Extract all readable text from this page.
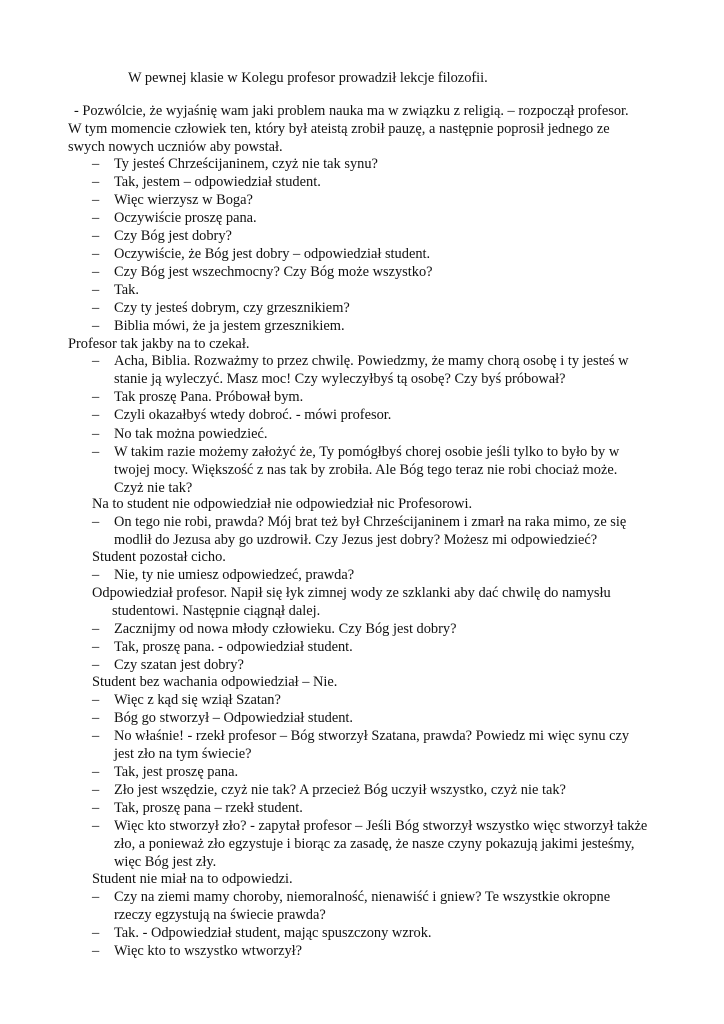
W pewnej klasie w Kolegu profesor prowadził lekcje filozofii.
- Pozwólcie, że wyjaśnię wam jaki problem nauka ma w związku z religią. – rozpoczął profesor.
W tym momencie człowiek ten, który był ateistą zrobił pauzę, a następnie poprosił jednego ze
swych nowych uczniów aby powstał.
– Ty jesteś Chrześcijaninem, czyż nie tak synu?
– Tak, jestem – odpowiedział student.
– Więc wierzysz w Boga?
– Oczywiście proszę pana.
– Czy Bóg jest dobry?
– Oczywiście, że Bóg jest dobry – odpowiedział student.
– Czy Bóg jest wszechmocny? Czy Bóg może wszystko?
– Tak.
– Czy ty jesteś dobrym, czy grzesznikiem?
– Biblia mówi, że ja jestem grzesznikiem.
Profesor tak jakby na to czekał.
– Acha, Biblia. Rozważmy to przez chwilę. Powiedzmy, że mamy chorą osobę i ty jesteś w
stanie ją wyleczyć. Masz moc! Czy wyleczyłbyś tą osobę? Czy byś próbował?
– Tak proszę Pana. Próbował bym.
– Czyli okazałbyś wtedy dobroć. - mówi profesor.
– No tak można powiedzieć.
– W takim razie możemy założyć że, Ty pomógłbyś chorej osobie jeśli tylko to było by w
twojej mocy. Większość z nas tak by zrobiła. Ale Bóg tego teraz nie robi chociaż może.
Czyż nie tak?
Na to student nie odpowiedział nie odpowiedział nic Profesorowi.
– On tego nie robi, prawda? Mój brat też był Chrześcijaninem i zmarł na raka mimo, ze się
modlił do Jezusa aby go uzdrowił. Czy Jezus jest dobry? Możesz mi odpowiedzieć?
Student pozostał cicho.
– Nie, ty nie umiesz odpowiedzeć, prawda?
Odpowiedział profesor. Napił się łyk zimnej wody ze szklanki aby dać chwilę do namysłu
studentowi. Następnie ciągnął dalej.
– Zacznijmy od nowa młody człowieku. Czy Bóg jest dobry?
– Tak, proszę pana. - odpowiedział student.
– Czy szatan jest dobry?
Student bez wachania odpowiedział – Nie.
– Więc z kąd się wziął Szatan?
– Bóg go stworzył – Odpowiedział student.
– No właśnie! - rzekł profesor – Bóg stworzył Szatana, prawda? Powiedz mi więc synu czy
jest zło na tym świecie?
– Tak, jest proszę pana.
– Zło jest wszędzie, czyż nie tak? A przecież Bóg uczyił wszystko, czyż nie tak?
– Tak, proszę pana – rzekł student.
– Więc kto stworzył zło? - zapytał profesor – Jeśli Bóg stworzył wszystko więc stworzył także
zło, a ponieważ zło egzystuje i biorąc za zasadę, że nasze czyny pokazują jakimi jesteśmy,
więc Bóg jest zły.
Student nie miał na to odpowiedzi.
– Czy na ziemi mamy choroby, niemoralność, nienawiść i gniew? Te wszystkie okropne
rzeczy egzystują na świecie prawda?
– Tak. - Odpowiedział student, mając spuszczony wzrok.
– Więc kto to wszystko wtworzył?
